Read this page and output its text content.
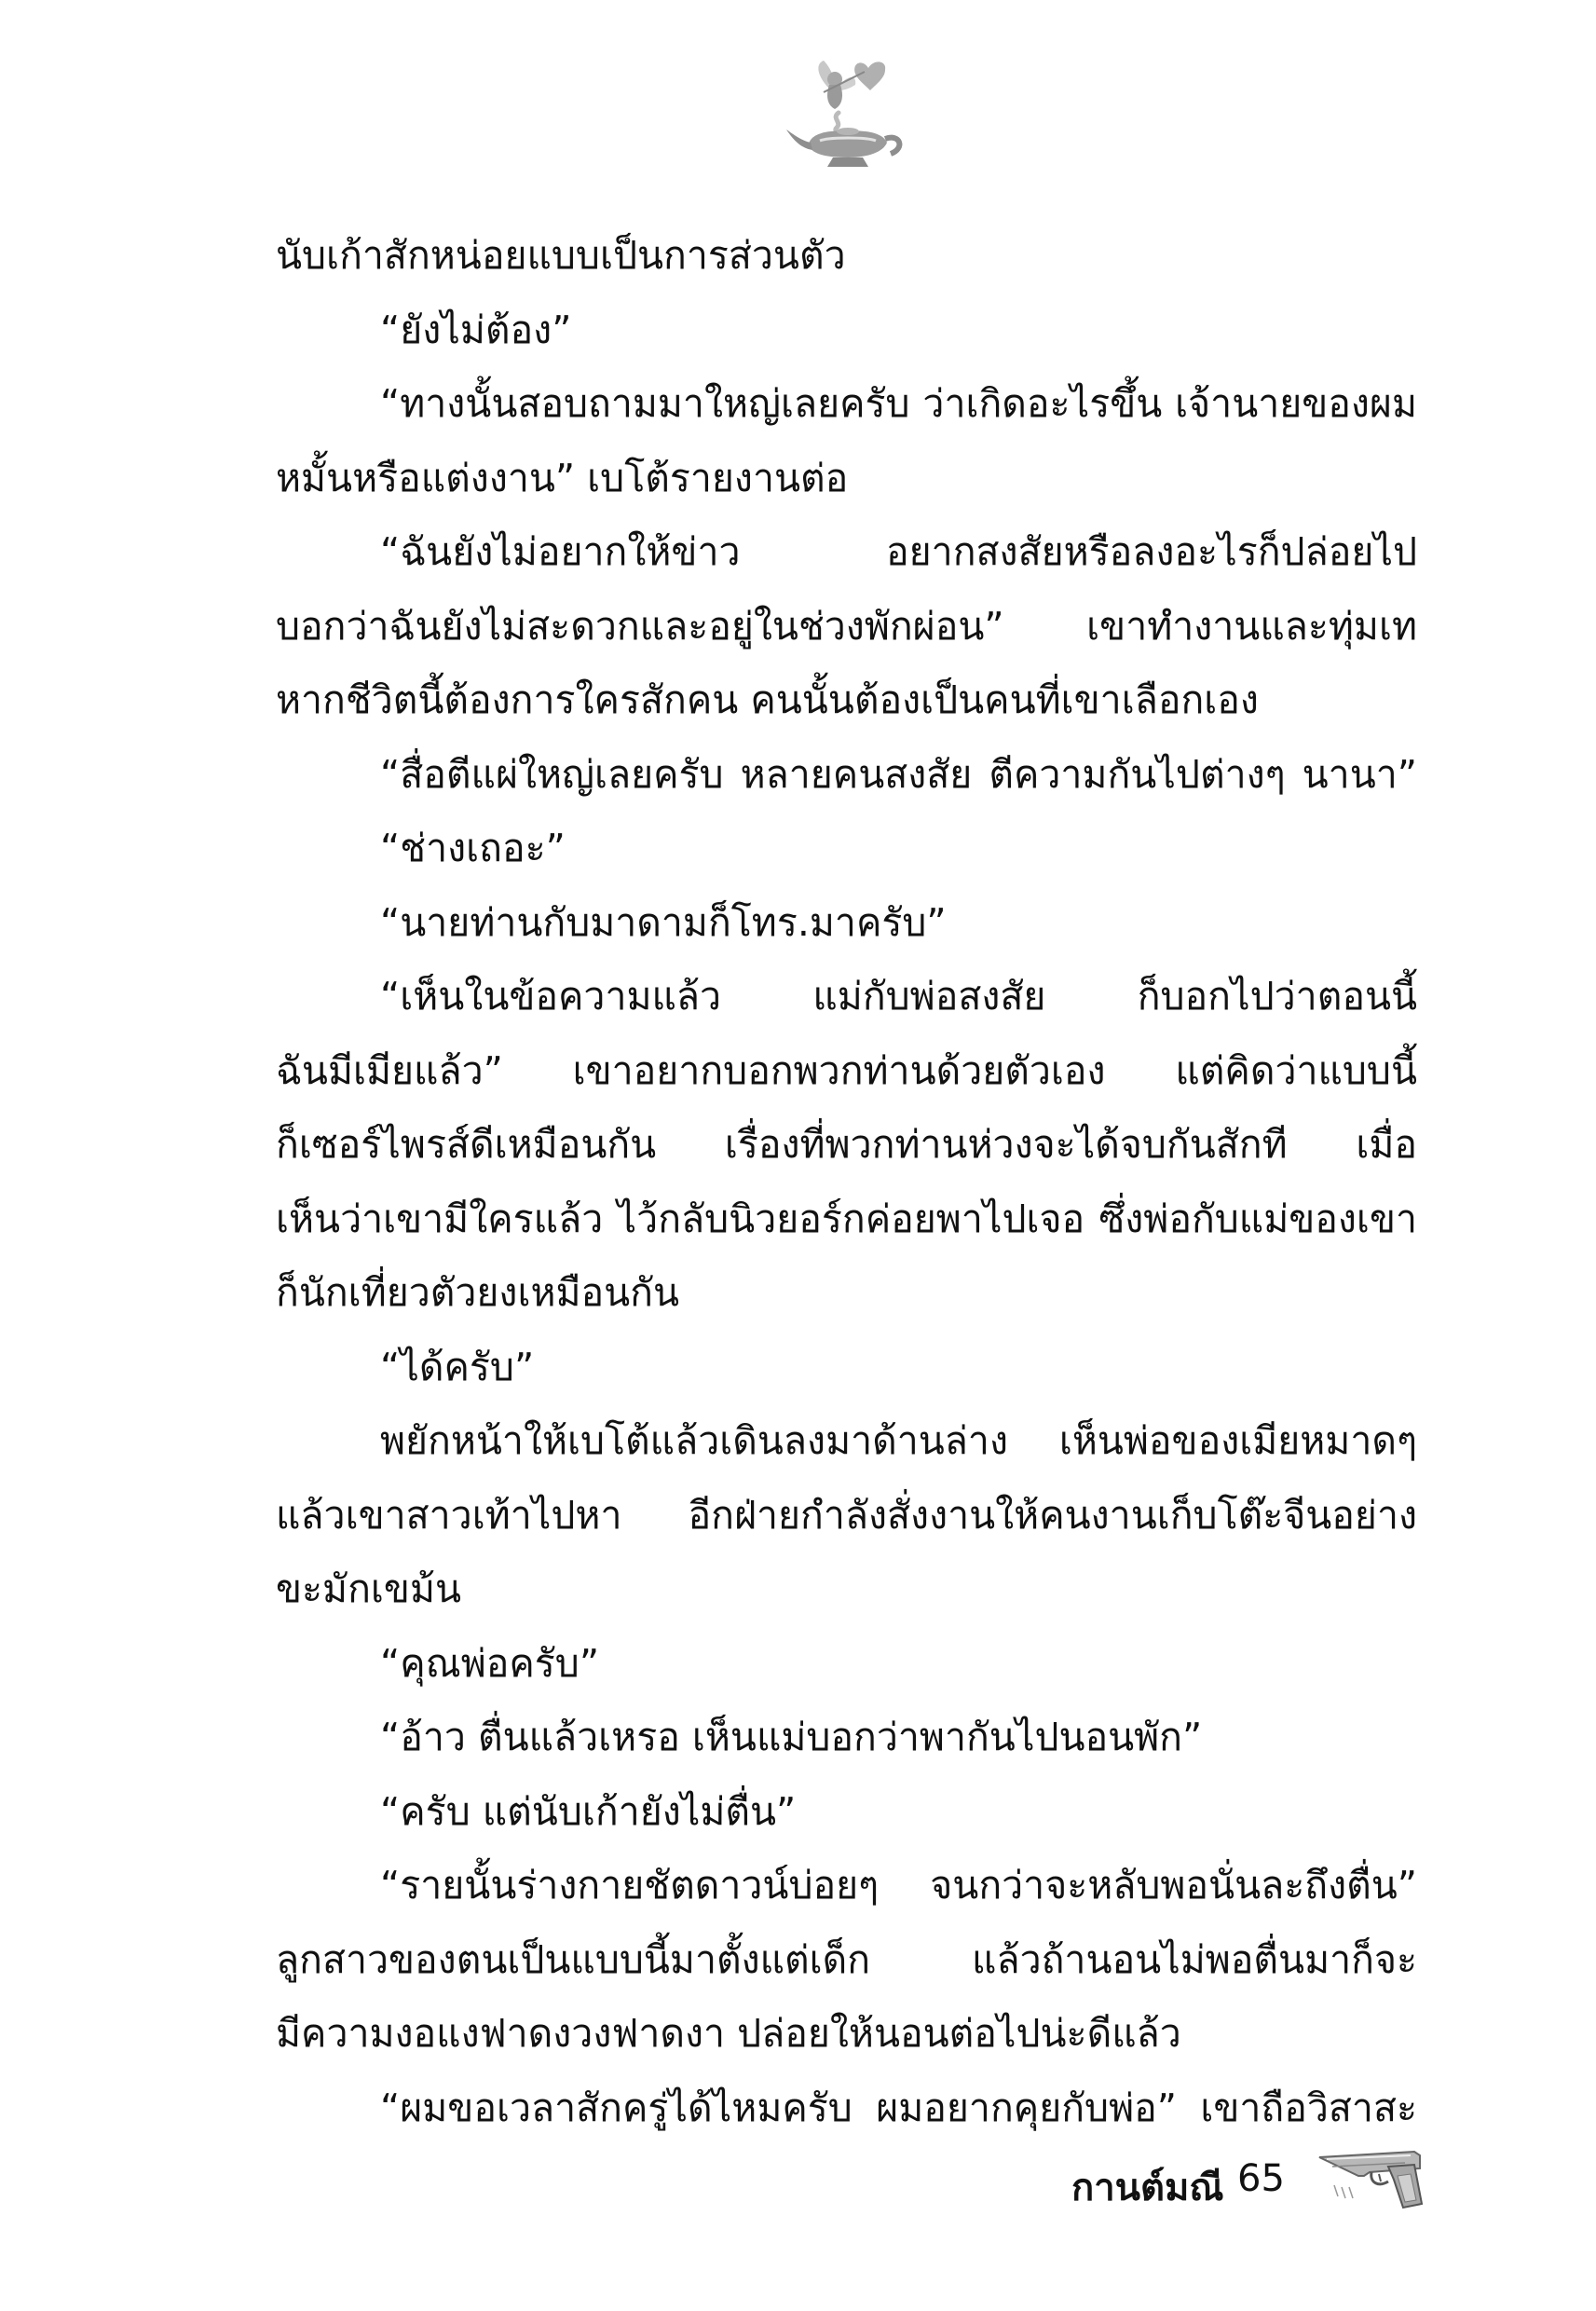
นับเก้าสักหน่อยแบบเป็นการส่วนตัว

“ยังไม่ต้อง”

“ทางนั้นสอบถามมาใหญ่เลยครับ ว่าเกิดอะไรขึ้น เจ้านายของผม

หมั้นหรือแต่งงาน” เบโต้รายงานต่อ

“ฉันยังไม่อยากให้ข่าว อยากสงสัยหรือลงอะไรก็ปล่อยไป

บอกว่าฉันยังไม่สะดวกและอยู่ในช่วงพักผ่อน” เขาทำงานและทุ่มเท

หากชีวิตนี้ต้องการใครสักคน คนนั้นต้องเป็นคนที่เขาเลือกเอง

“สื่อตีแผ่ใหญ่เลยครับ หลายคนสงสัย ตีความกันไปต่างๆ นานา”

“ช่างเถอะ”

“นายท่านกับมาดามก็โทร.มาครับ”

“เห็นในข้อความแล้ว แม่กับพ่อสงสัย ก็บอกไปว่าตอนนี้

ฉันมีเมียแล้ว” เขาอยากบอกพวกท่านด้วยตัวเอง แต่คิดว่าแบบนี้

ก็เซอร์ไพรส์ดีเหมือนกัน เรื่องที่พวกท่านห่วงจะได้จบกันสักที เมื่อ

เห็นว่าเขามีใครแล้ว ไว้กลับนิวยอร์กค่อยพาไปเจอ ซึ่งพ่อกับแม่ของเขา

ก็นักเที่ยวตัวยงเหมือนกัน

“ได้ครับ”

พยักหน้าให้เบโต้แล้วเดินลงมาด้านล่าง เห็นพ่อของเมียหมาดๆ

แล้วเขาสาวเท้าไปหา อีกฝ่ายกำลังสั่งงานให้คนงานเก็บโต๊ะจีนอย่าง

ขะมักเขม้น

“คุณพ่อครับ”

“อ้าว ตื่นแล้วเหรอ เห็นแม่บอกว่าพากันไปนอนพัก”

“ครับ แต่นับเก้ายังไม่ตื่น”

“รายนั้นร่างกายชัตดาวน์บ่อยๆ จนกว่าจะหลับพอนั่นละถึงตื่น”

ลูกสาวของตนเป็นแบบนี้มาตั้งแต่เด็ก แล้วถ้านอนไม่พอตื่นมาก็จะ

มีความงอแงฟาดงวงฟาดงา ปล่อยให้นอนต่อไปน่ะดีแล้ว

“ผมขอเวลาสักครู่ได้ไหมครับ ผมอยากคุยกับพ่อ” เขาถือวิสาสะ

กานต์มณี 65
